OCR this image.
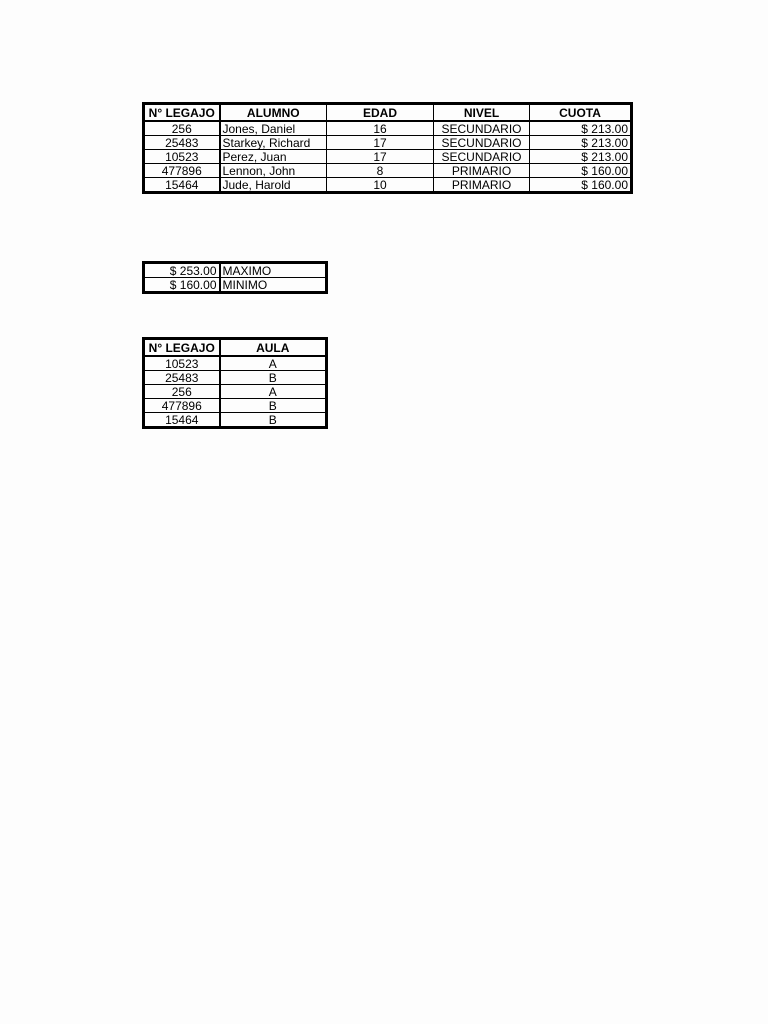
N° LEGAJO	ALUMNO	EDAD	NIVEL	CUOTA
256	Jones, Daniel	16	SECUNDARIO	$ 213.00
25483	Starkey, Richard	17	SECUNDARIO	$ 213.00
10523	Perez, Juan	17	SECUNDARIO	$ 213.00
477896	Lennon, John	8	PRIMARIO	$ 160.00
15464	Jude, Harold	10	PRIMARIO	$ 160.00
$ 253.00	MAXIMO
$ 160.00	MINIMO
N° LEGAJO	AULA
10523	A
25483	B
256	A
477896	B
15464	B
